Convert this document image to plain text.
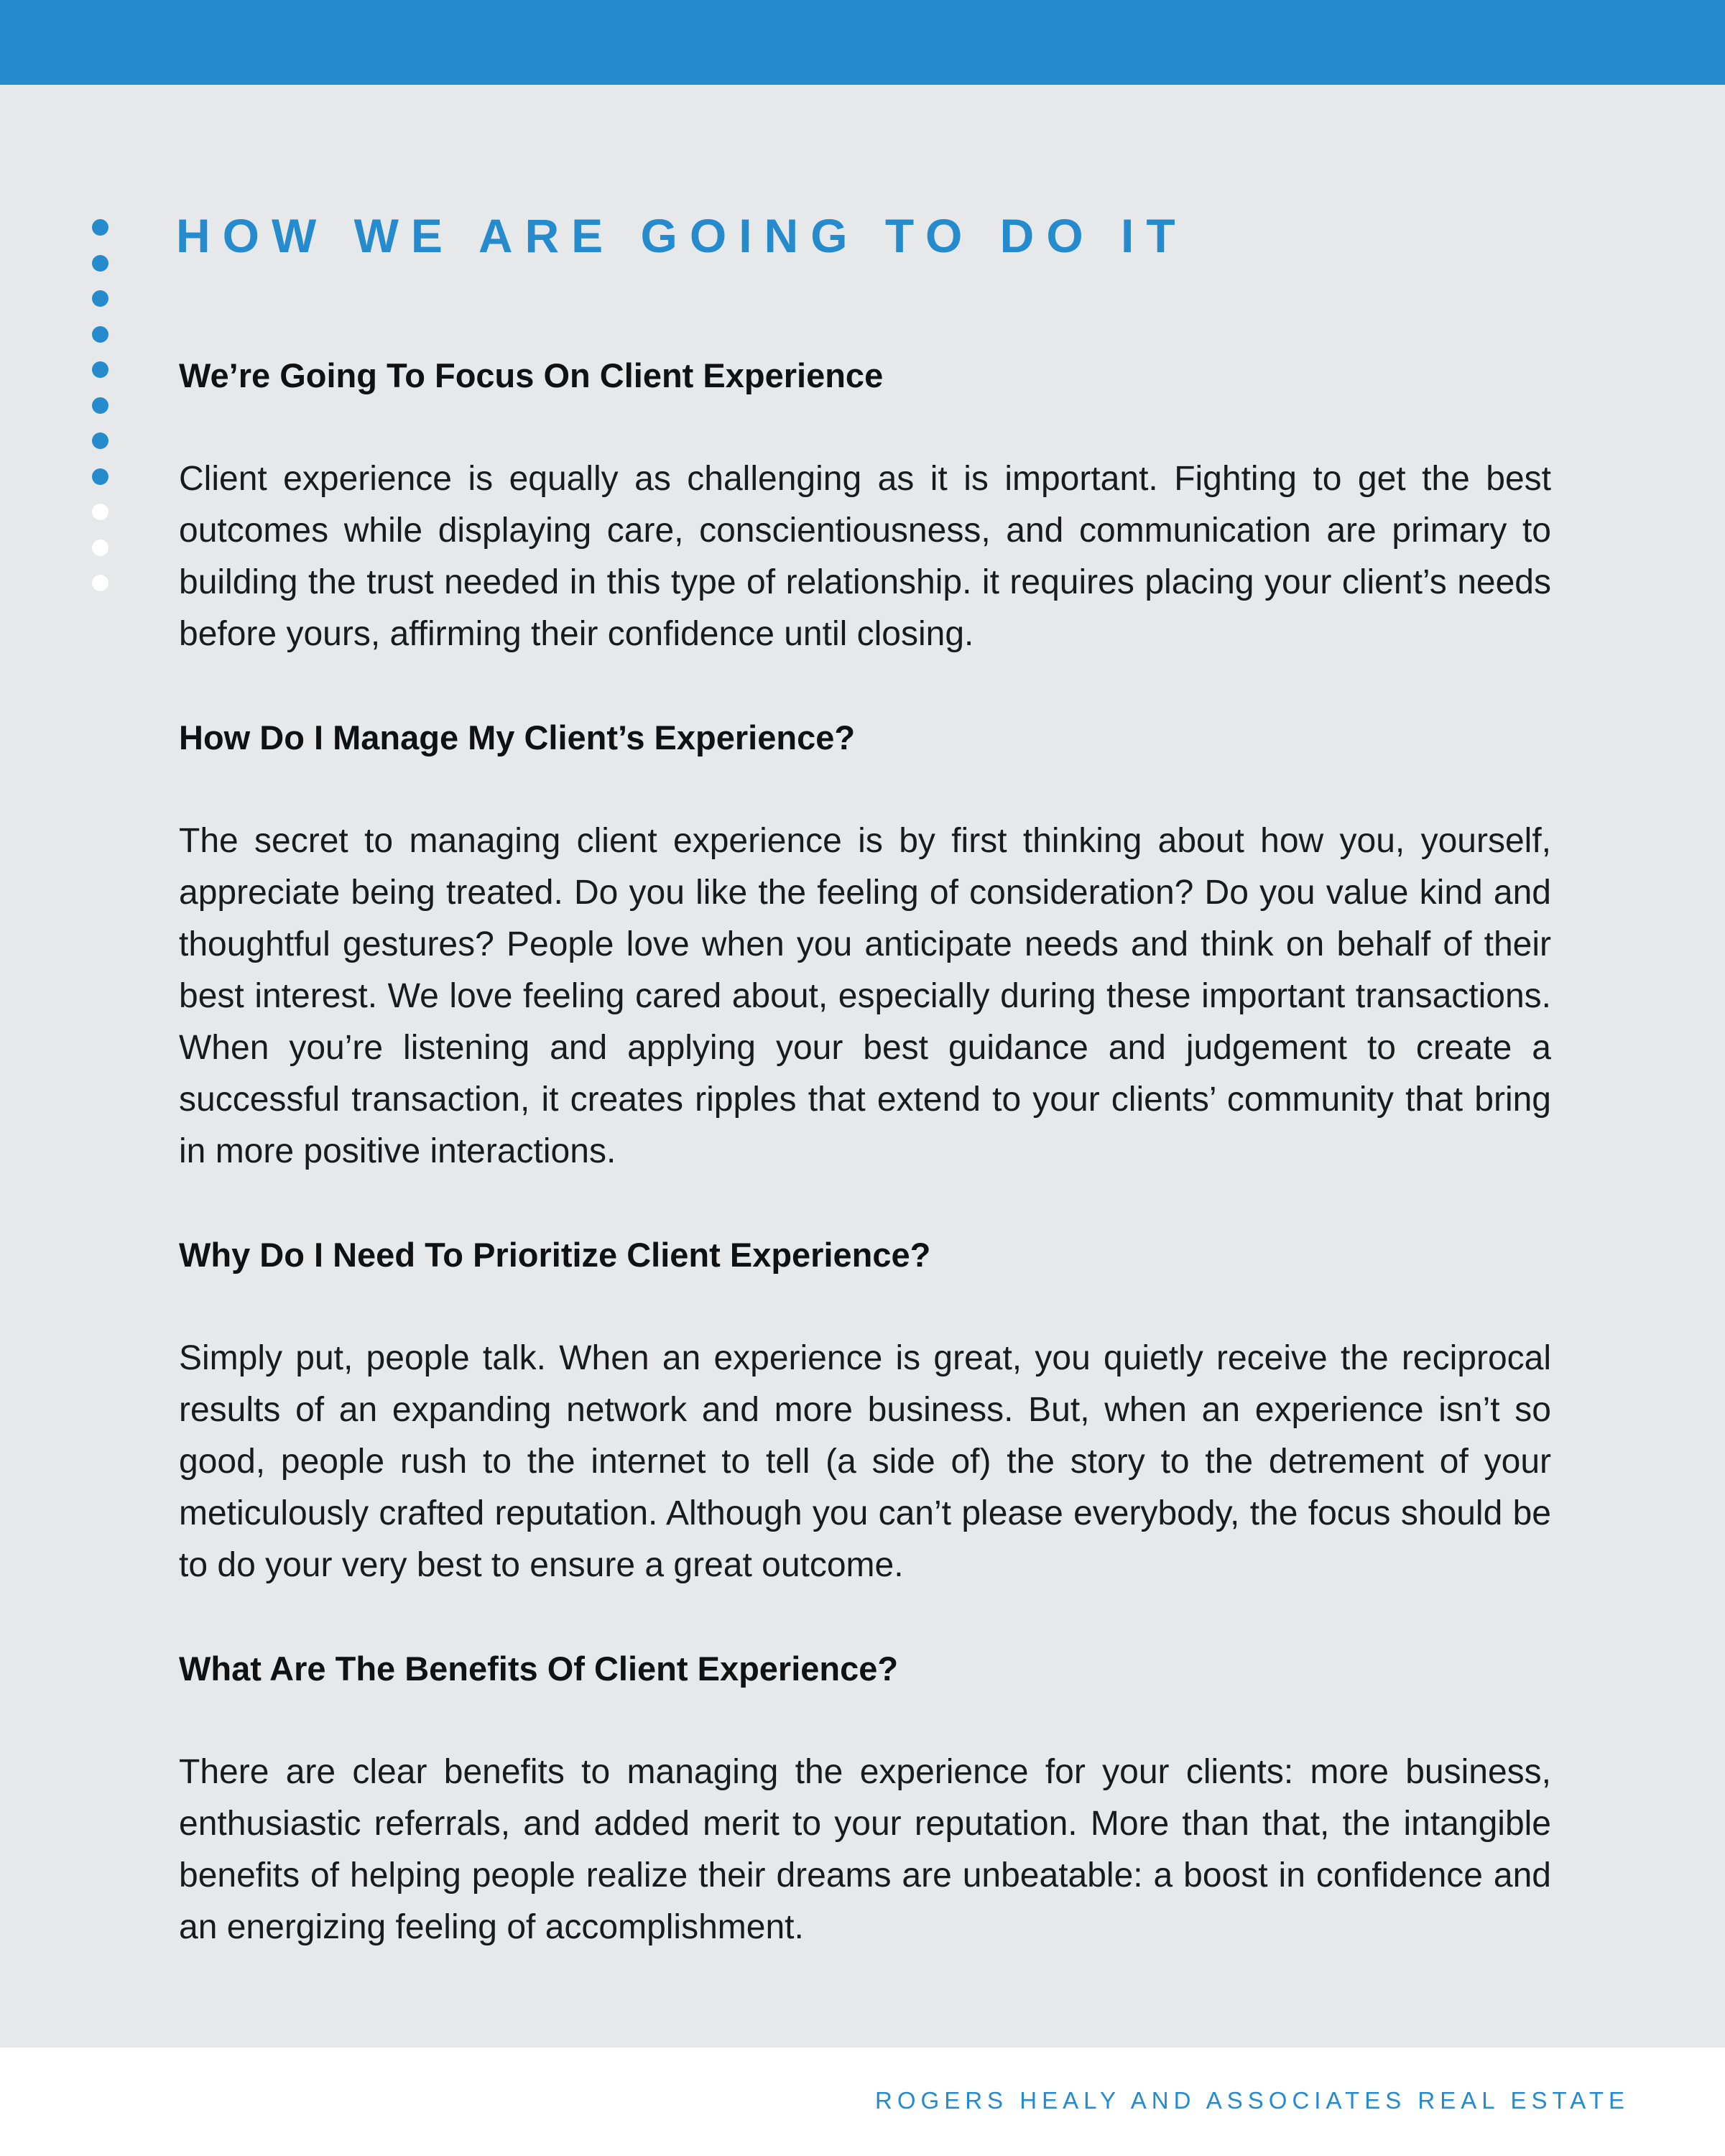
HOW WE ARE GOING TO DO IT
We’re Going To Focus On Client Experience

Client experience is equally as challenging as it is important. Fighting to get the best outcomes while displaying care, conscientiousness, and communication are primary to building the trust needed in this type of relationship. it requires placing your client’s needs before yours, affirming their confidence until closing.

How Do I Manage My Client’s Experience?

The secret to managing client experience is by first thinking about how you, yourself, appreciate being treated. Do you like the feeling of consideration? Do you value kind and thoughtful gestures? People love when you anticipate needs and think on behalf of their best interest. We love feeling cared about, especially during these important transactions. When you’re listening and applying your best guidance and judgement to create a successful transaction, it creates ripples that extend to your clients’ community that bring in more positive interactions.

Why Do I Need To Prioritize Client Experience?

Simply put, people talk. When an experience is great, you quietly receive the reciprocal results of an expanding network and more business. But, when an experience isn’t so good, people rush to the internet to tell (a side of) the story to the detrement of your meticulously crafted reputation. Although you can’t please everybody, the focus should be to do your very best to ensure a great outcome.

What Are The Benefits Of Client Experience?

There are clear benefits to managing the experience for your clients: more business, enthusiastic referrals, and added merit to your reputation. More than that, the intangible benefits of helping people realize their dreams are unbeatable: a boost in confidence and an energizing feeling of accomplishment.

ROGERS HEALY AND ASSOCIATES REAL ESTATE
